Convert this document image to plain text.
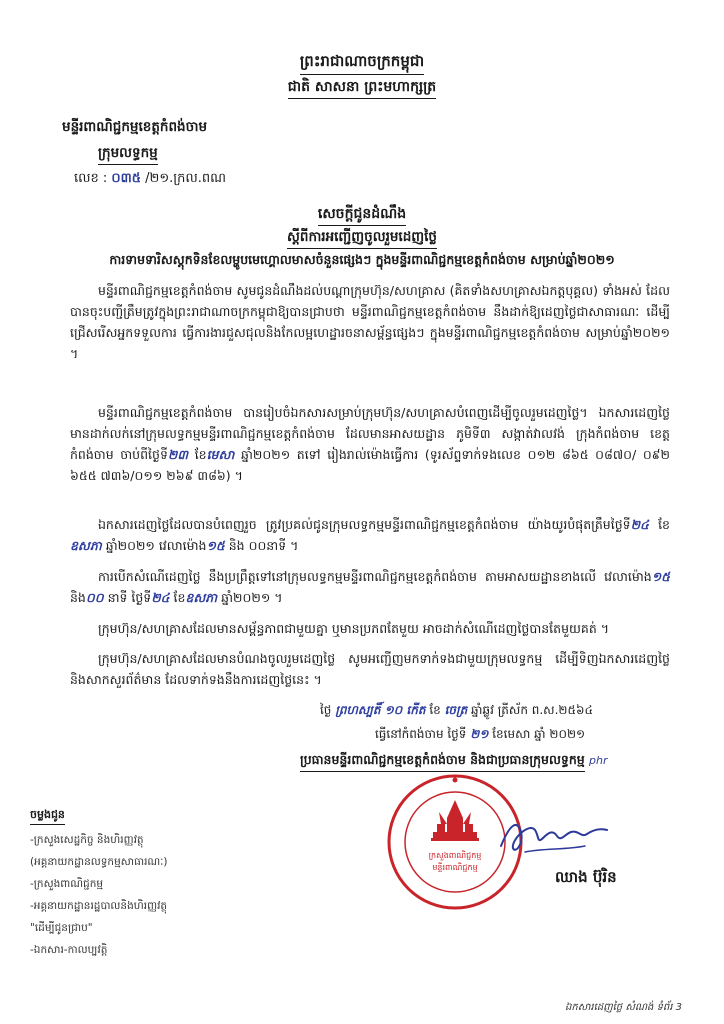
ព្រះរាជាណាចក្រកម្ពុជា
ជាតិ សាសនា ព្រះមហាក្សត្រ
មន្ទីរពាណិជ្ជកម្មខេត្តកំពង់ចាម
ក្រុមលទ្ធកម្ម
លេខ : ០៣៥ /២១.ក្រល.ពណ
សេចក្តីជូនដំណឹង
ស្តីពីការអញ្ជើញចូលរួមដេញថ្លៃ
ការទាមទារិសស្តុកទិនខែលម្ហូបមេហ្គោលមាសចំនួនផ្សេងៗ ក្នុងមន្ទីរពាណិជ្ជកម្មខេត្តកំពង់ចាម សម្រាប់ឆ្នាំ២០២១
មន្ទីរពាណិជ្ជកម្មខេត្តកំពង់ចាម សូមជូនដំណឹងដល់បណ្តាក្រុមហ៊ុន/សហគ្រាស (គិតទាំងសហគ្រាសឯកត្តបុគ្គល) ទាំងអស់ ដែលបានចុះបញ្ជីត្រឹមត្រូវក្នុងព្រះរាជាណាចក្រកម្ពុជាឱ្យបានជ្រាបថា មន្ទីរពាណិជ្ជកម្មខេត្តកំពង់ចាម នឹងដាក់ឱ្យដេញថ្លៃជាសាធារណៈ ដើម្បីជ្រើសរើសអ្នកទទួលការ ធ្វើការងារជួសជុលនិងកែលម្អហេដ្ឋារចនាសម្ព័ន្ធផ្សេងៗ ក្នុងមន្ទីរពាណិជ្ជកម្មខេត្តកំពង់ចាម សម្រាប់ឆ្នាំ២០២១ ។
មន្ទីរពាណិជ្ជកម្មខេត្តកំពង់ចាម បានរៀបចំឯកសារសម្រាប់ក្រុមហ៊ុន/សហគ្រាសបំពេញដើម្បីចូលរួមដេញថ្លៃ។ ឯកសារដេញថ្លៃ មានដាក់លក់នៅក្រុមលទ្ធកម្មមន្ទីរពាណិជ្ជកម្មខេត្តកំពង់ចាម ដែលមានអាសយដ្ឋាន ភូមិទី៣ សង្កាត់វាលវង់ ក្រុងកំពង់ចាម ខេត្តកំពង់ចាម ចាប់ពីថ្ងៃទី២៣ ខែមេសា ឆ្នាំ២០២១ តទៅ រៀងរាល់ម៉ោងធ្វើការ (ទូរស័ព្ទទាក់ទងលេខ ០១២ ៨៦៥ ០៨៧០/ ០៩២ ៦៥៥ ៧៣៦/០១១ ២៦៩ ៣៨៦) ។
ឯកសារដេញថ្លៃដែលបានបំពេញរួច ត្រូវប្រគល់ជូនក្រុមលទ្ធកម្មមន្ទីរពាណិជ្ជកម្មខេត្តកំពង់ចាម យ៉ាងយូរបំផុតត្រឹមថ្ងៃទី២៤ ខែឧសភា ឆ្នាំ២០២១ វេលាម៉ោង១៥ និង ០០នាទី ។
ការបើកសំណើដេញថ្លៃ នឹងប្រព្រឹត្តទៅនៅក្រុមលទ្ធកម្មមន្ទីរពាណិជ្ជកម្មខេត្តកំពង់ចាម តាមអាសយដ្ឋានខាងលើ វេលាម៉ោង១៥ និង០០ នាទី ថ្ងៃទី២៤ ខែឧសភា ឆ្នាំ២០២១ ។
ក្រុមហ៊ុន/សហគ្រាសដែលមានសម្ព័ន្ធភាពជាមួយគ្នា ឬមានប្រភពតែមួយ អាចដាក់សំណើដេញថ្លៃបានតែមួយគត់ ។
ក្រុមហ៊ុន/សហគ្រាសដែលមានបំណងចូលរួមដេញថ្លៃ សូមអញ្ជើញមកទាក់ទងជាមួយក្រុមលទ្ធកម្ម ដើម្បីទិញឯកសារដេញថ្លៃ និងសាកសួរព័ត៌មាន ដែលទាក់ទងនឹងការដេញថ្លៃនេះ ។
ថ្ងៃ ព្រហស្បតិ៍ ១០ កើត ខែ ចេត្រ ឆ្នាំឆ្លូវ ត្រីស័ក ព.ស.២៥៦៤
ធ្វើនៅកំពង់ចាម ថ្ងៃទី ២១ ខែមេសា ឆ្នាំ ២០២១
ប្រធានមន្ទីរពាណិជ្ជកម្មខេត្តកំពង់ចាម និងជាប្រធានក្រុមលទ្ធកម្ម phr
ក្រសួងពាណិជ្ជកម្ម
មន្ទីរពាណិជ្ជកម្ម
ឈាង ប៊ុរិន
ចម្លងជូន
-ក្រសួងសេដ្ឋកិច្ច និងហិរញ្ញវត្ថុ
(អគ្គនាយកដ្ឋានលទ្ធកម្មសាធារណៈ)
-ក្រសួងពាណិជ្ជកម្ម
-អគ្គនាយកដ្ឋានរដ្ឋបាលនិងហិរញ្ញវត្ថុ
"ដើម្បីជូនជ្រាប"
-ឯកសារ-កាលប្បវត្តិ
ឯកសារដេញថ្លៃ សំណង់ ទំព័រ 3
